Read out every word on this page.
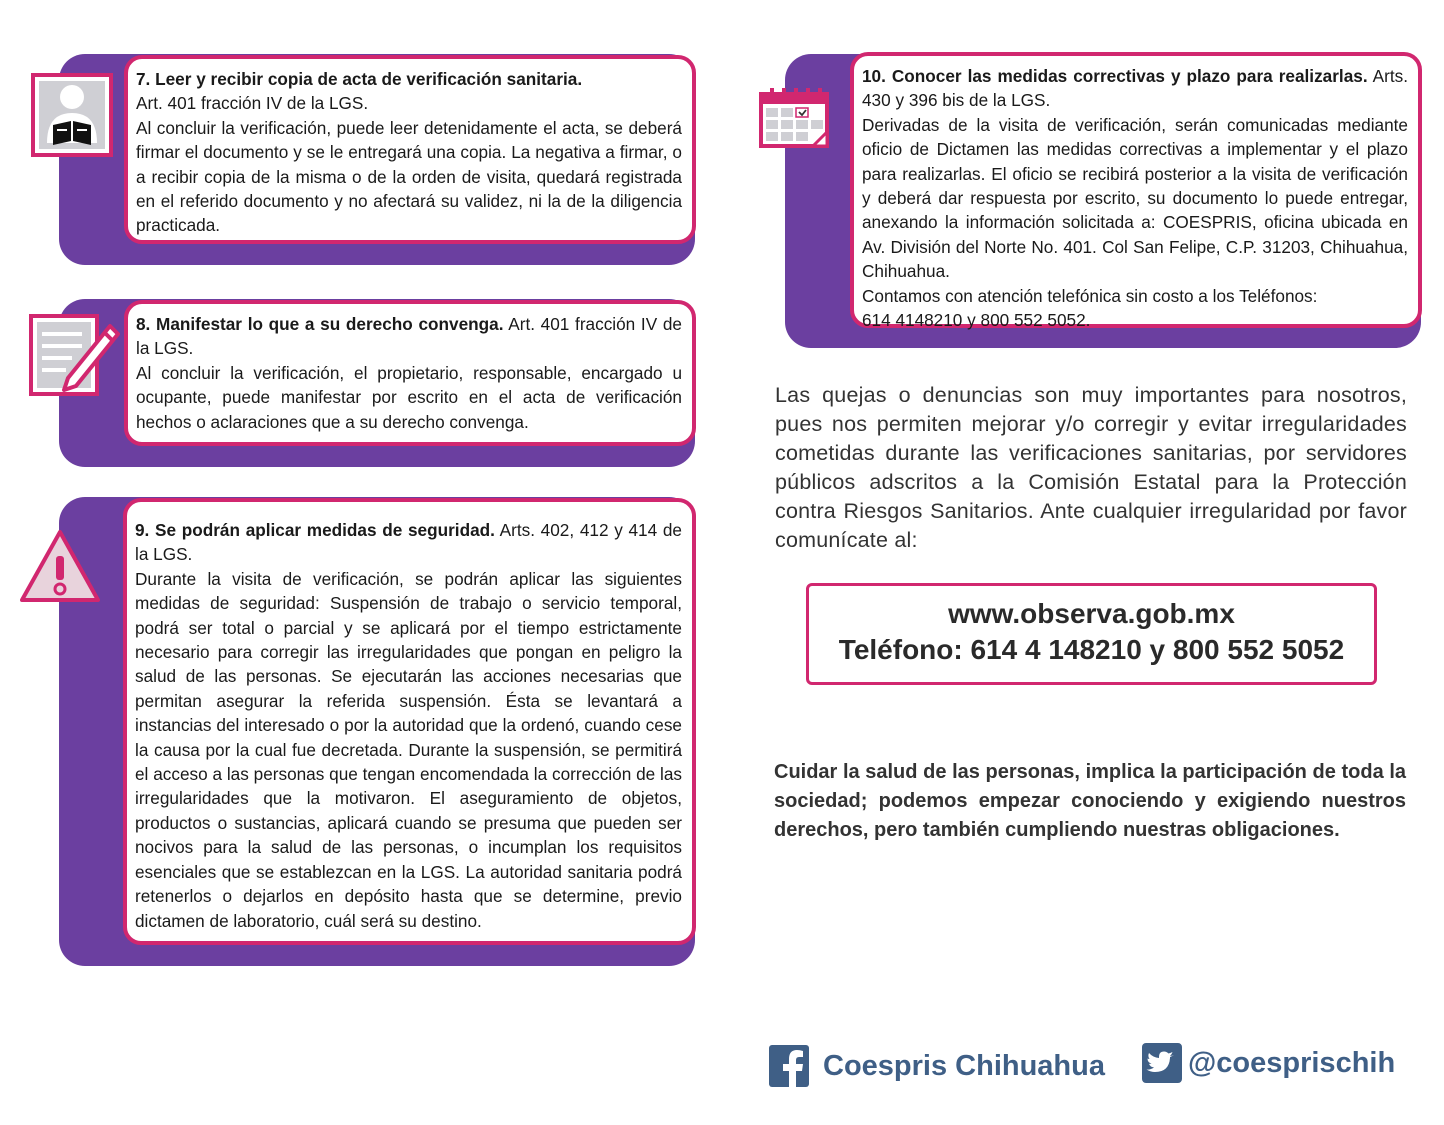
7. Leer y recibir copia de acta de verificación sanitaria.
Art. 401 fracción IV de la LGS.
Al concluir la verificación, puede leer detenidamente el acta, se deberá firmar el documento y se le entregará una copia. La negativa a firmar, o a recibir copia de la misma o de la orden de visita, quedará registrada en el referido documento y no afectará su validez, ni la de la diligencia practicada.

8. Manifestar lo que a su derecho convenga. Art. 401 fracción IV de la LGS.
Al concluir la verificación, el propietario, responsable, encargado u ocupante, puede manifestar por escrito en el acta de verificación hechos o aclaraciones que a su derecho convenga.

9. Se podrán aplicar medidas de seguridad. Arts. 402, 412 y 414 de la LGS.
Durante la visita de verificación, se podrán aplicar las siguientes medidas de seguridad: Suspensión de trabajo o servicio temporal, podrá ser total o parcial y se aplicará por el tiempo estrictamente necesario para corregir las irregularidades que pongan en peligro la salud de las personas. Se ejecutarán las acciones necesarias que permitan asegurar la referida suspensión. Ésta se levantará a instancias del interesado o por la autoridad que la ordenó, cuando cese la causa por la cual fue decretada. Durante la suspensión, se permitirá el acceso a las personas que tengan encomendada la corrección de las irregularidades que la motivaron. El aseguramiento de objetos, productos o sustancias, aplicará cuando se presuma que pueden ser nocivos para la salud de las personas, o incumplan los requisitos esenciales que se establezcan en la LGS. La autoridad sanitaria podrá retenerlos o dejarlos en depósito hasta que se determine, previo dictamen de laboratorio, cuál será su destino.

10. Conocer las medidas correctivas y plazo para realizarlas. Arts. 430 y 396 bis de la LGS.
Derivadas de la visita de verificación, serán comunicadas mediante oficio de Dictamen las medidas correctivas a implementar y el plazo para realizarlas. El oficio se recibirá posterior a la visita de verificación y deberá dar respuesta por escrito, su documento lo puede entregar, anexando la información solicitada a: COESPRIS, oficina ubicada en Av. División del Norte No. 401. Col San Felipe, C.P. 31203, Chihuahua, Chihuahua.
Contamos con atención telefónica sin costo a los Teléfonos:
614 4148210 y 800 552 5052.

Las quejas o denuncias son muy importantes para nosotros, pues nos permiten mejorar y/o corregir y evitar irregularidades cometidas durante las verificaciones sanitarias, por servidores públicos adscritos a la Comisión Estatal para la Protección contra Riesgos Sanitarios. Ante cualquier irregularidad por favor comunícate al:
www.observa.gob.mx
Teléfono: 614 4 148210 y 800 552 5052
Cuidar la salud de las personas, implica la participación de toda la sociedad; podemos empezar conociendo y exigiendo nuestros derechos, pero también cumpliendo nuestras obligaciones.
Coespris Chihuahua	@coesprischih
